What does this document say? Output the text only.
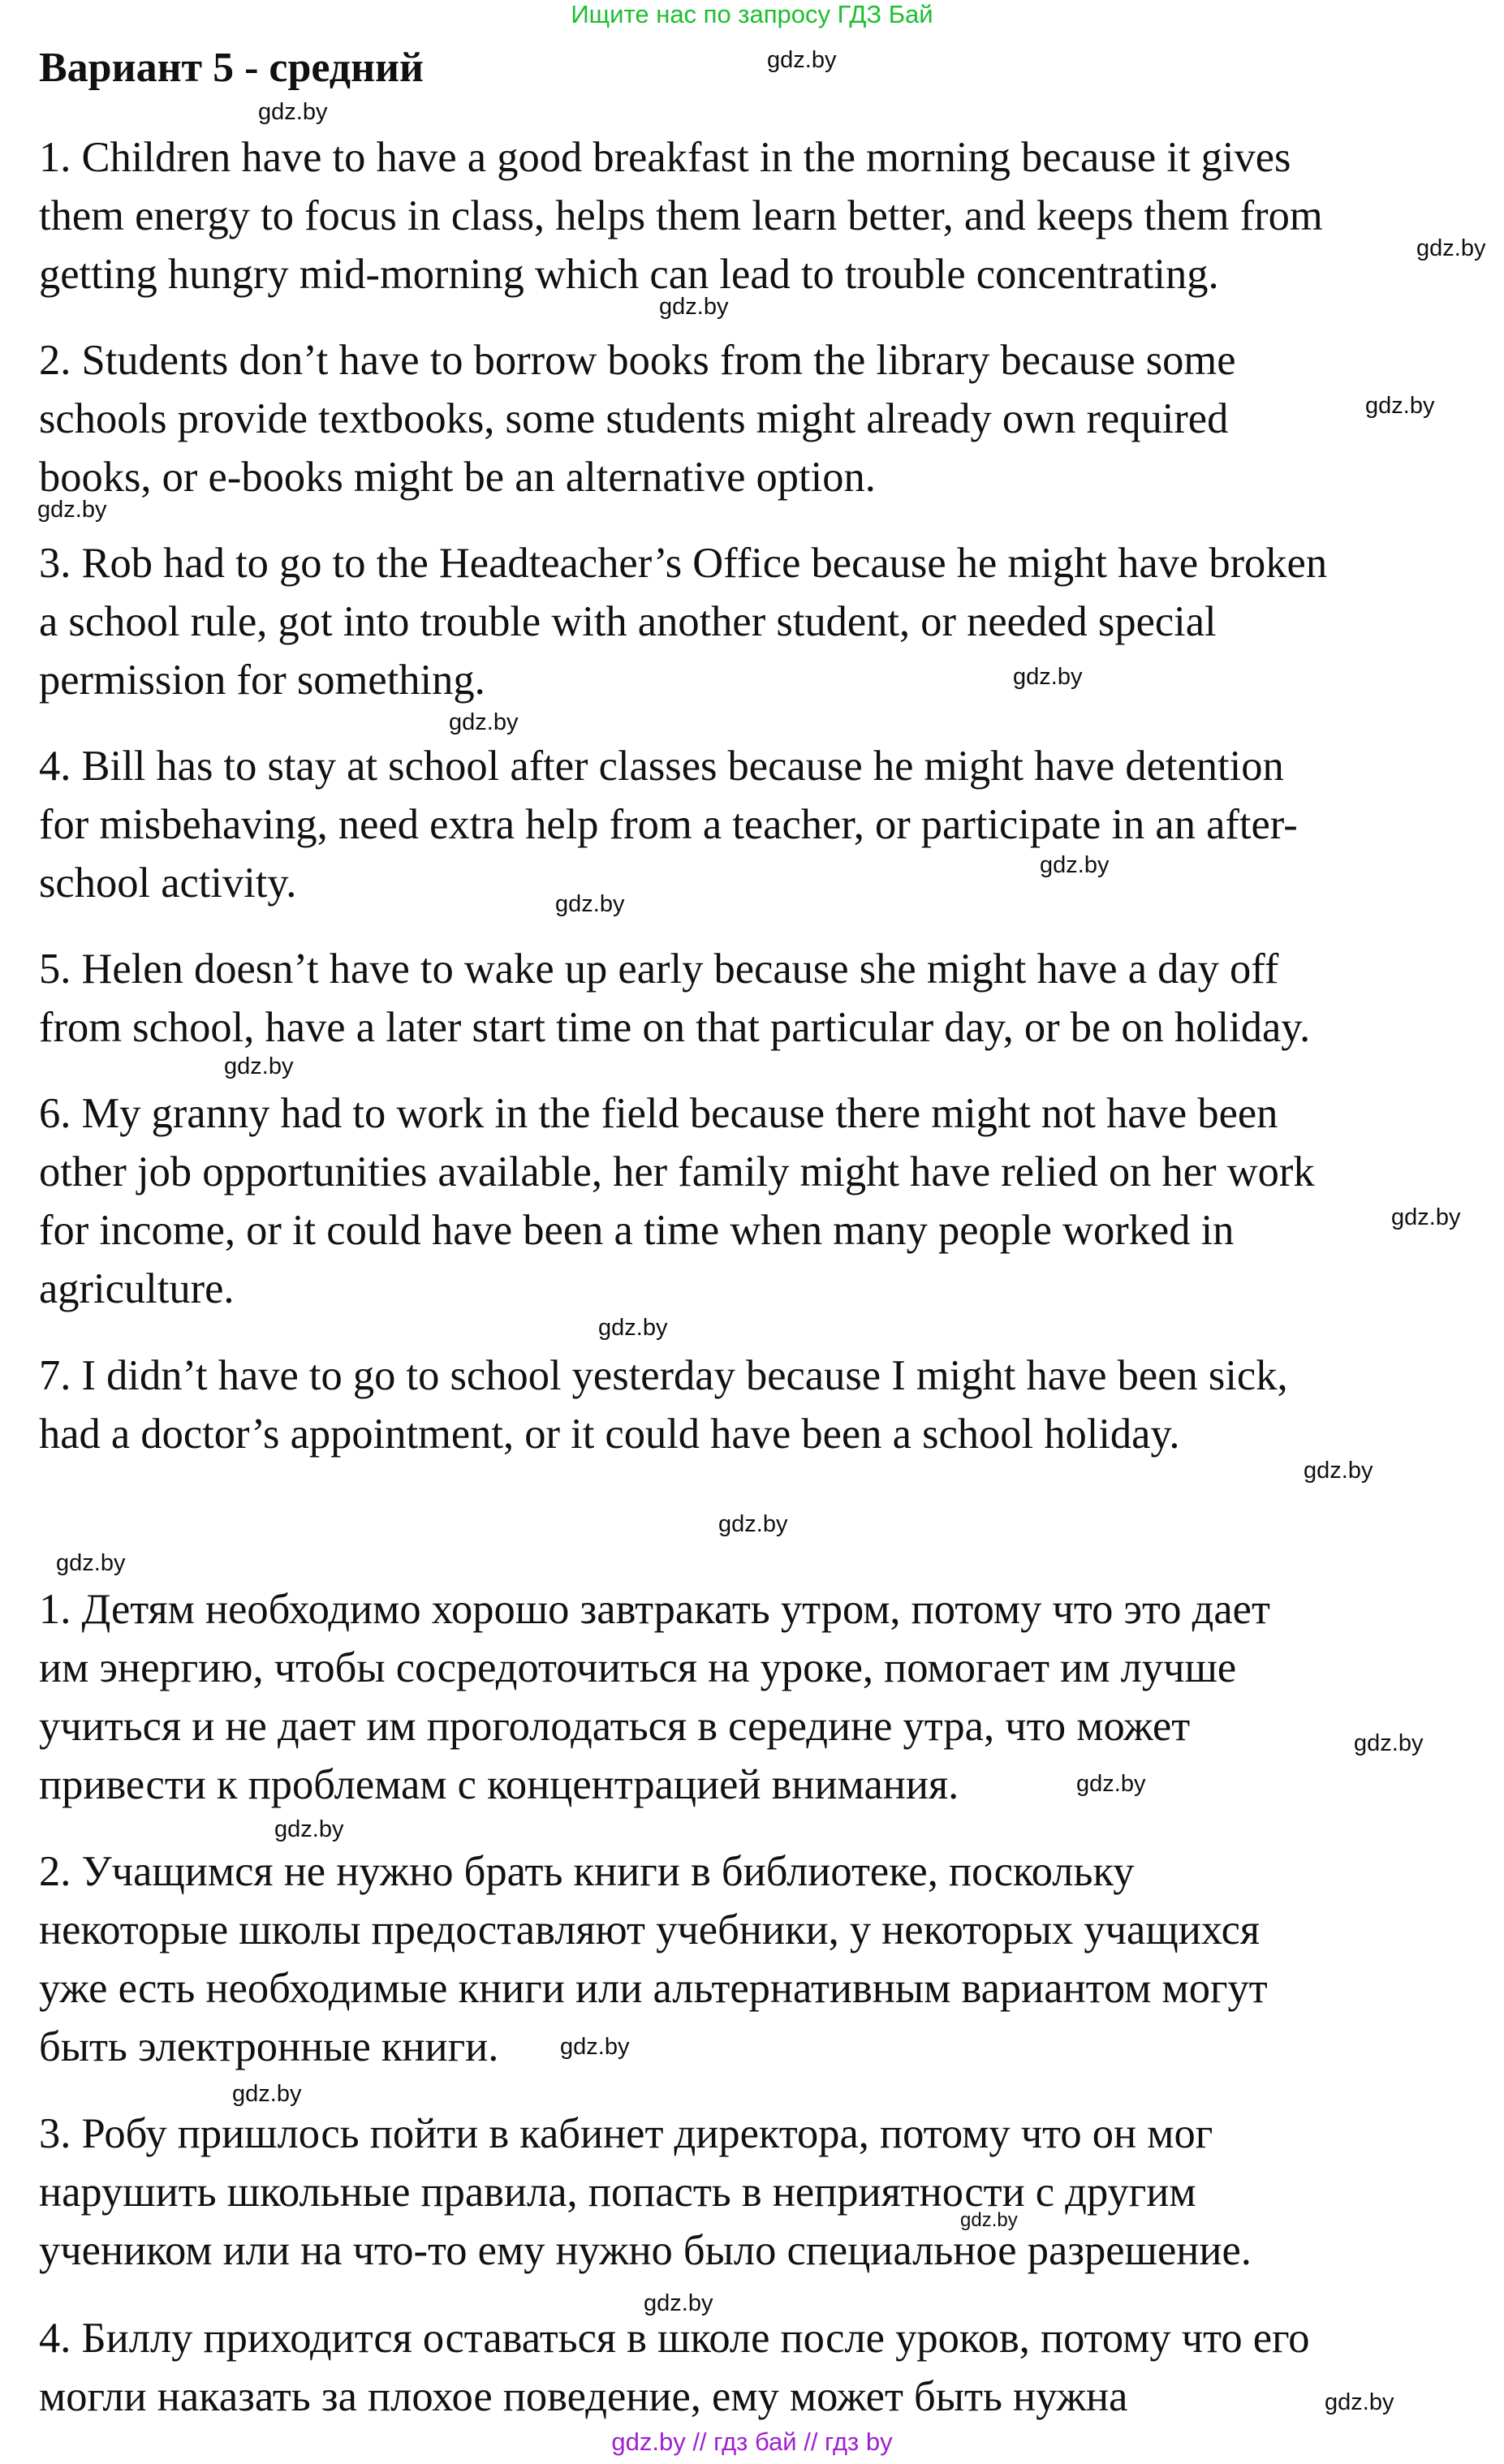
Ищите нас по запросу ГДЗ Бай
Вариант 5 - средний
1. Children have to have a good breakfast in the morning because it gives
them energy to focus in class, helps them learn better, and keeps them from
getting hungry mid-morning which can lead to trouble concentrating.
2. Students don’t have to borrow books from the library because some
schools provide textbooks, some students might already own required
books, or e-books might be an alternative option.
3. Rob had to go to the Headteacher’s Office because he might have broken
a school rule, got into trouble with another student, or needed special
permission for something.
4. Bill has to stay at school after classes because he might have detention
for misbehaving, need extra help from a teacher, or participate in an after-
school activity.
5. Helen doesn’t have to wake up early because she might have a day off
from school, have a later start time on that particular day, or be on holiday.
6. My granny had to work in the field because there might not have been
other job opportunities available, her family might have relied on her work
for income, or it could have been a time when many people worked in
agriculture.
7. I didn’t have to go to school yesterday because I might have been sick,
had a doctor’s appointment, or it could have been a school holiday.
1. Детям необходимо хорошо завтракать утром, потому что это дает
им энергию, чтобы сосредоточиться на уроке, помогает им лучше
учиться и не дает им проголодаться в середине утра, что может
привести к проблемам с концентрацией внимания.
2. Учащимся не нужно брать книги в библиотеке, поскольку
некоторые школы предоставляют учебники, у некоторых учащихся
уже есть необходимые книги или альтернативным вариантом могут
быть электронные книги.
3. Робу пришлось пойти в кабинет директора, потому что он мог
нарушить школьные правила, попасть в неприятности с другим
учеником или на что-то ему нужно было специальное разрешение.
4. Биллу приходится оставаться в школе после уроков, потому что его
могли наказать за плохое поведение, ему может быть нужна
gdz.by
gdz.by
gdz.by
gdz.by
gdz.by
gdz.by
gdz.by
gdz.by
gdz.by
gdz.by
gdz.by
gdz.by
gdz.by
gdz.by
gdz.by
gdz.by
gdz.by
gdz.by
gdz.by
gdz.by
gdz.by
gdz.by
gdz.by
gdz.by
gdz.by // гдз бай // гдз by
